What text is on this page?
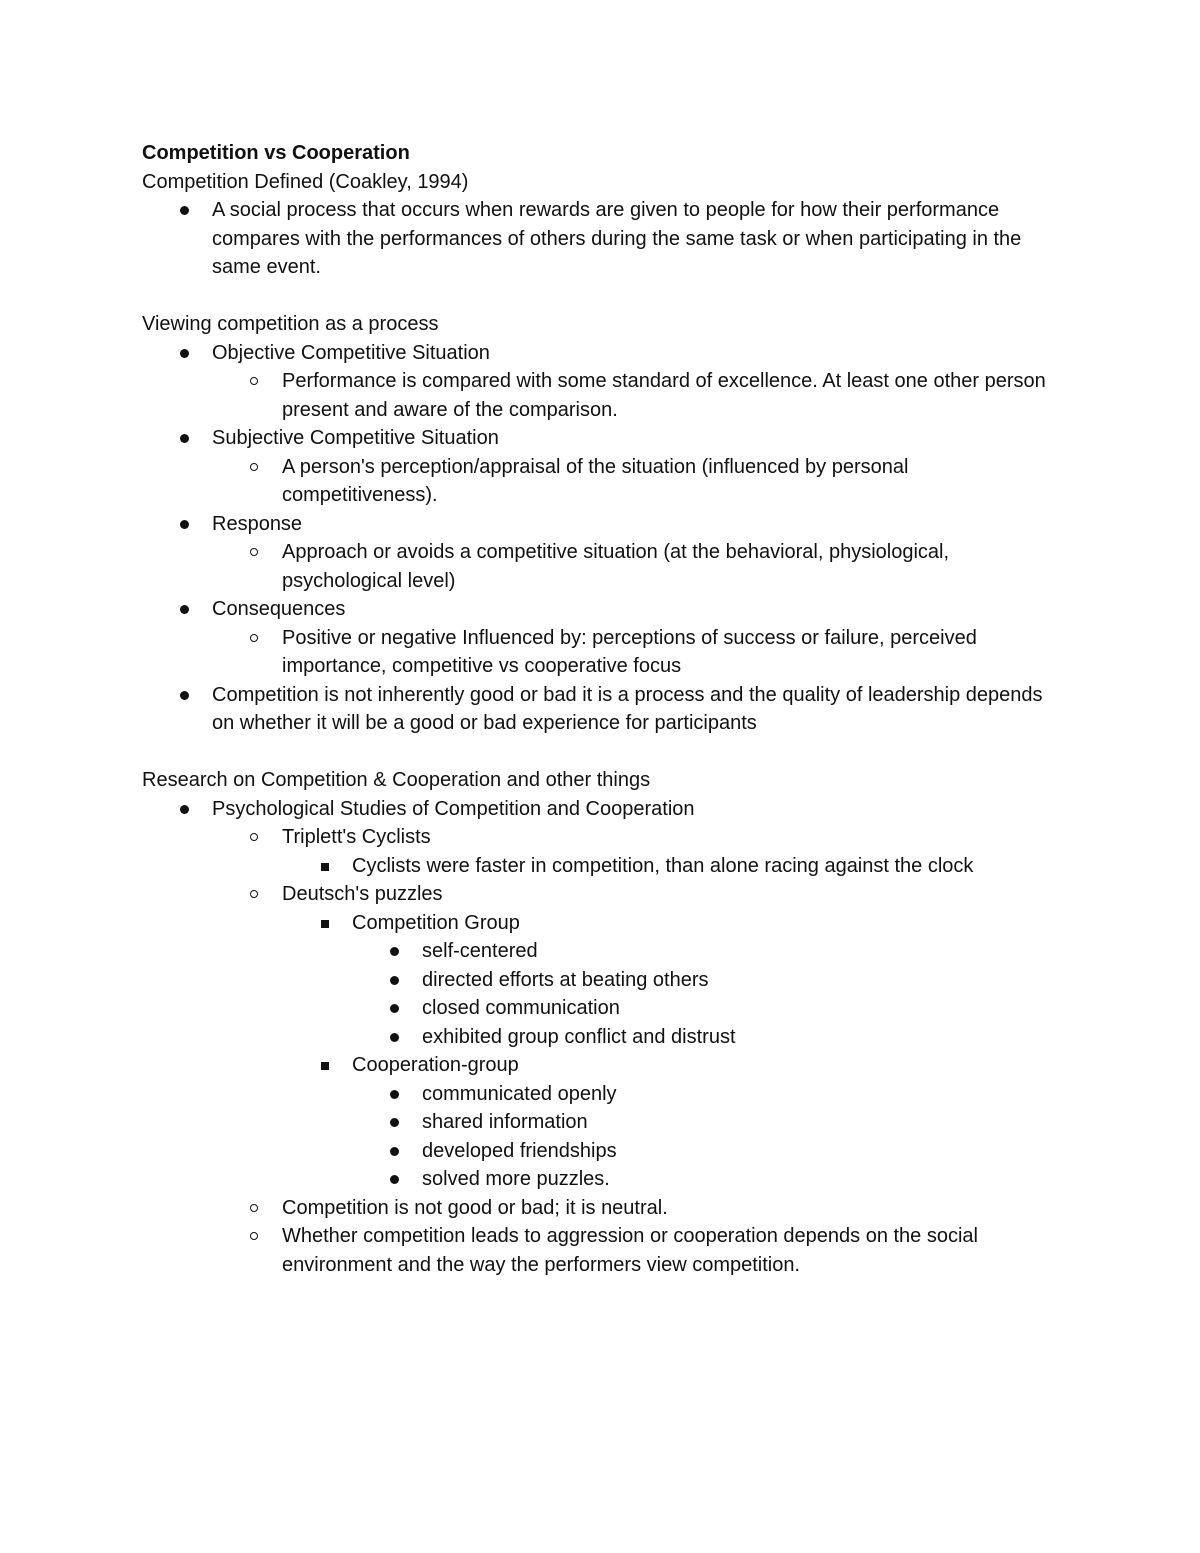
Competition vs Cooperation

Competition Defined (Coakley, 1994)

A social process that occurs when rewards are given to people for how their performance compares with the performances of others during the same task or when participating in the same event.

Viewing competition as a process

Objective Competitive Situation
Performance is compared with some standard of excellence. At least one other person present and aware of the comparison.
Subjective Competitive Situation
A person's perception/appraisal of the situation (influenced by personal competitiveness).
Response
Approach or avoids a competitive situation (at the behavioral, physiological, psychological level)
Consequences
Positive or negative Influenced by: perceptions of success or failure, perceived importance, competitive vs cooperative focus
Competition is not inherently good or bad it is a process and the quality of leadership depends on whether it will be a good or bad experience for participants

Research on Competition & Cooperation and other things

Psychological Studies of Competition and Cooperation
Triplett's Cyclists
Cyclists were faster in competition, than alone racing against the clock
Deutsch's puzzles
Competition Group
self-centered
directed efforts at beating others
closed communication
exhibited group conflict and distrust
Cooperation-group
communicated openly
shared information
developed friendships
solved more puzzles.
Competition is not good or bad; it is neutral.
Whether competition leads to aggression or cooperation depends on the social environment and the way the performers view competition.
